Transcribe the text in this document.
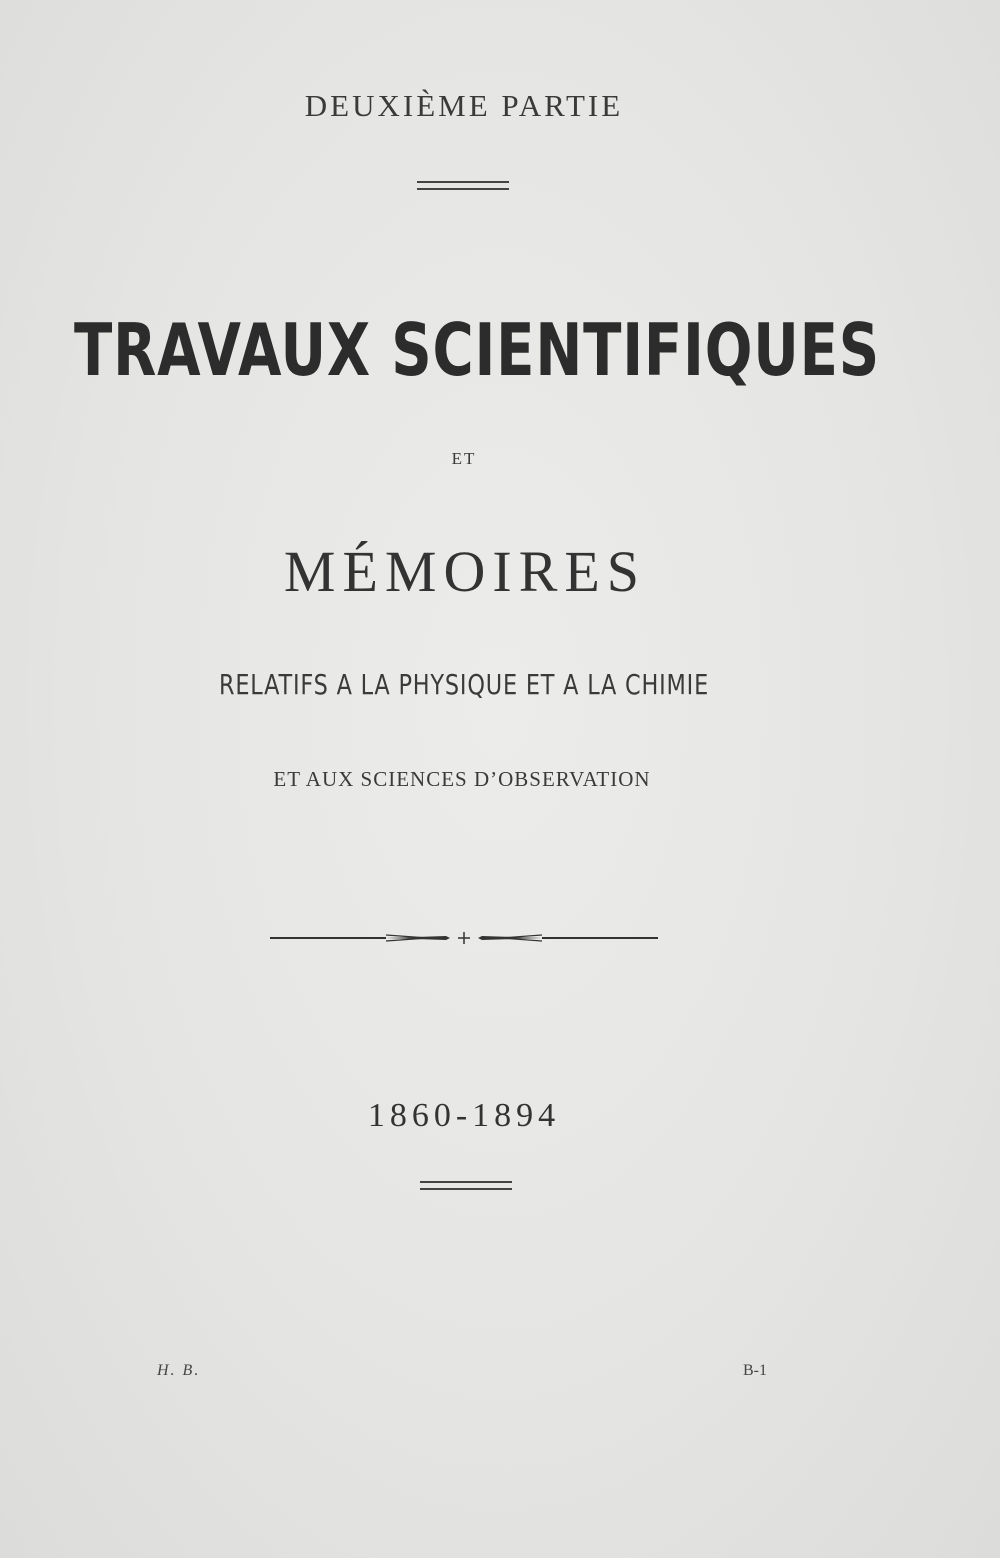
DEUXIÈME PARTIE
TRAVAUX SCIENTIFIQUES
ET
MÉMOIRES
RELATIFS A LA PHYSIQUE ET A LA CHIMIE
ET AUX SCIENCES D’OBSERVATION
1860-1894
H. B.	B-1
